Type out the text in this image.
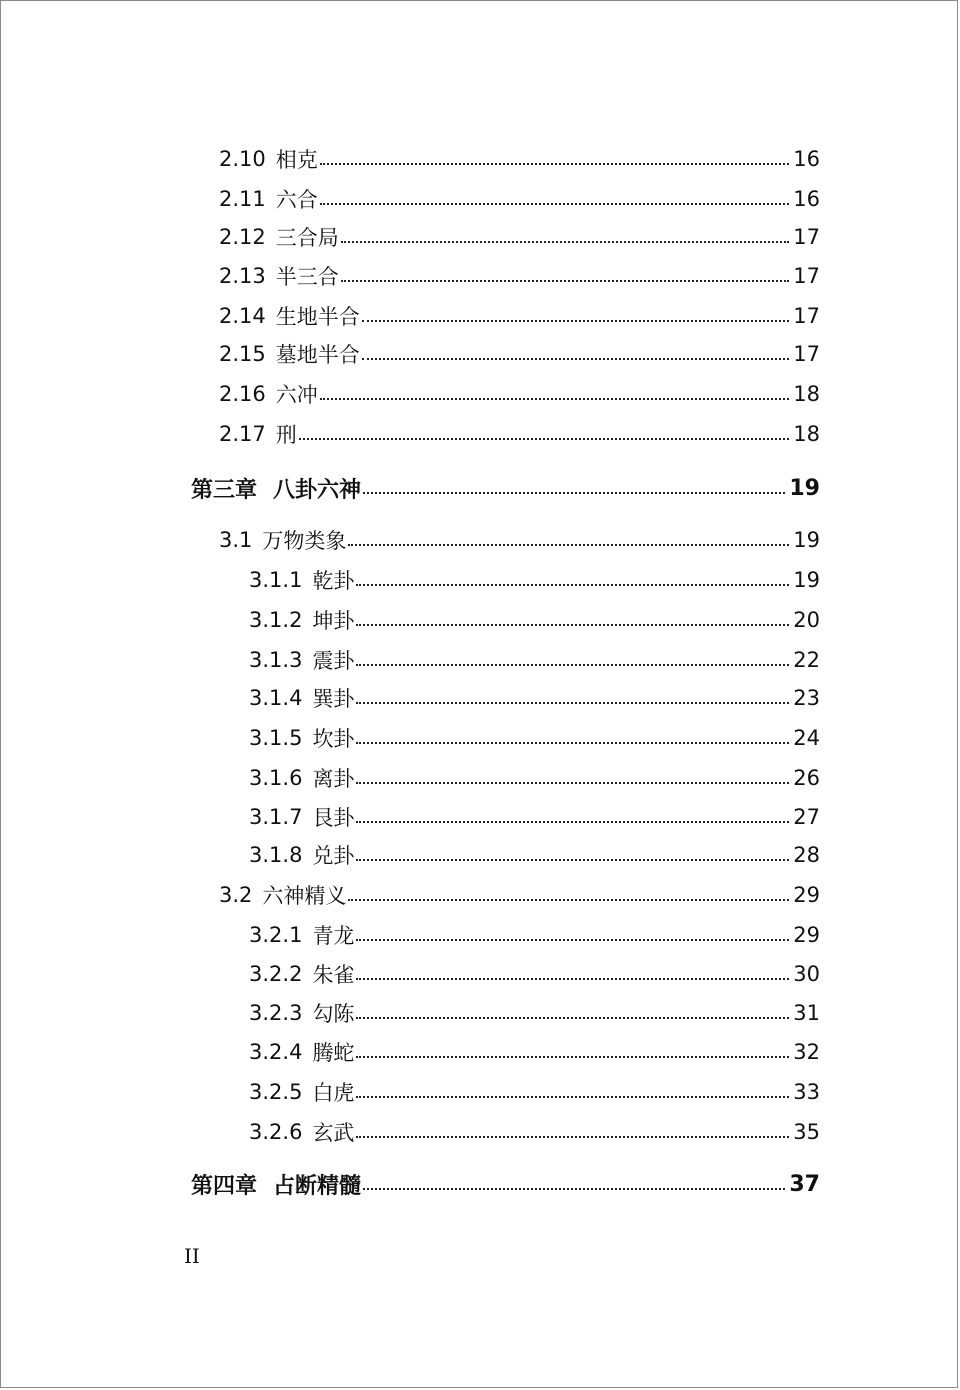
2.10 相克	16
2.11 六合	16
2.12 三合局	17
2.13 半三合	17
2.14 生地半合	17
2.15 墓地半合	17
2.16 六冲	18
2.17 刑	18
第三章 八卦六神	19
3.1 万物类象	19
3.1.1 乾卦	19
3.1.2 坤卦	20
3.1.3 震卦	22
3.1.4 巽卦	23
3.1.5 坎卦	24
3.1.6 离卦	26
3.1.7 艮卦	27
3.1.8 兑卦	28
3.2 六神精义	29
3.2.1 青龙	29
3.2.2 朱雀	30
3.2.3 勾陈	31
3.2.4 腾蛇	32
3.2.5 白虎	33
3.2.6 玄武	35
第四章 占断精髓	37
II
